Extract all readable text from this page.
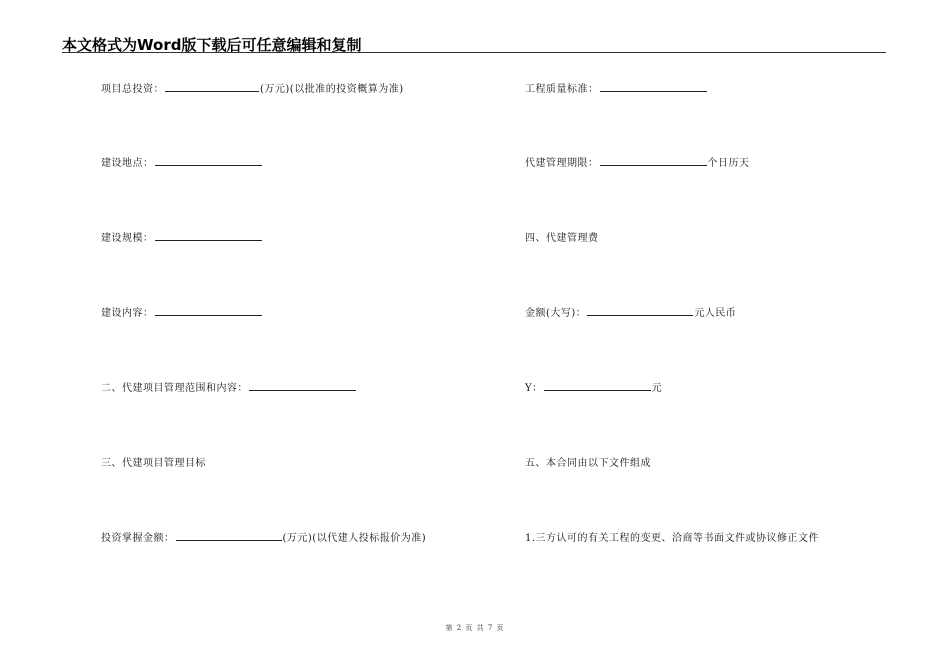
本文格式为Word版下载后可任意编辑和复制
项目总投资：	(万元)(以批准的投资概算为准)
建设地点：
建设规模：
建设内容：
二、代建项目管理范围和内容：
三、代建项目管理目标
投资掌握金额：	(万元)(以代建人投标报价为准)
工程质量标准：
代建管理期限：	个日历天
四、代建管理费
金额(大写)：	元人民币
Y：	元
五、本合同由以下文件组成
1.三方认可的有关工程的变更、洽商等书面文件或协议修正文件
第 2 页 共 7 页
